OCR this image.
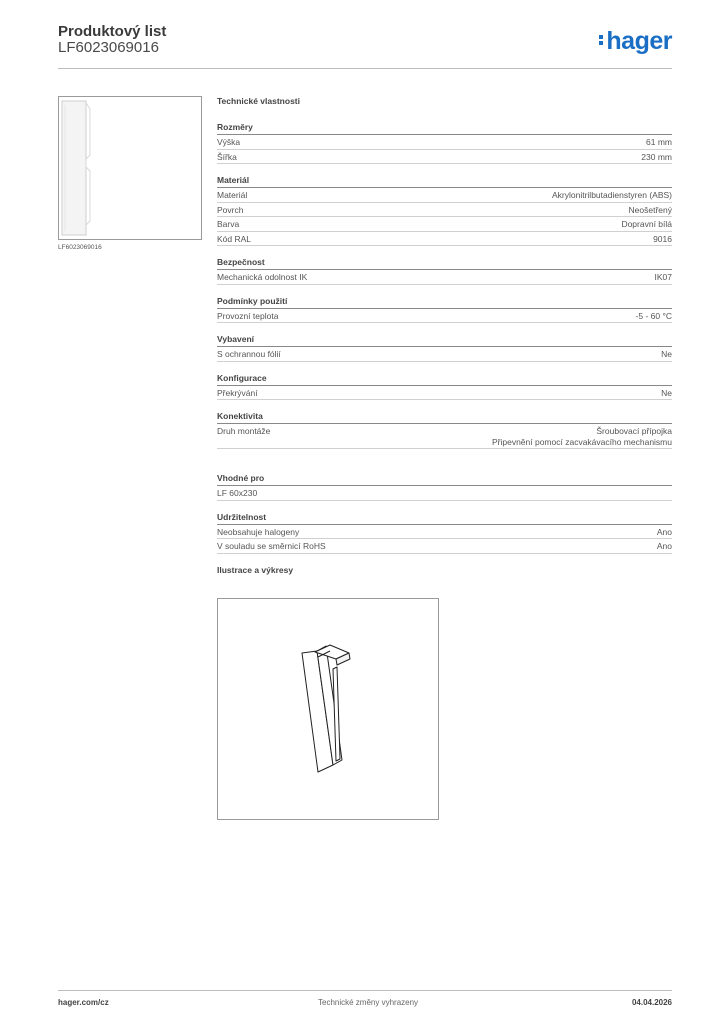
Produktový list
LF6023069016	hager
LF6023069016
Technické vlastnosti
Rozměry
Výška	61 mm
Šířka	230 mm
Materiál
Materiál	Akrylonitrilbutadienstyren (ABS)
Povrch	Neošetřený
Barva	Dopravní bílá
Kód RAL	9016
Bezpečnost
Mechanická odolnost IK	IK07
Podmínky použití
Provozní teplota	-5 - 60 °C
Vybavení
S ochrannou fólií	Ne
Konfigurace
Překrývání	Ne
Konektivita
Druh montáže	Šroubovací přípojka
Připevnění pomocí zacvakávacího mechanismu
Vhodné pro
LF 60x230
Udržitelnost
Neobsahuje halogeny	Ano
V souladu se směrnicí RoHS	Ano
Ilustrace a výkresy
hager.com/cz	Technické změny vyhrazeny	04.04.2026
